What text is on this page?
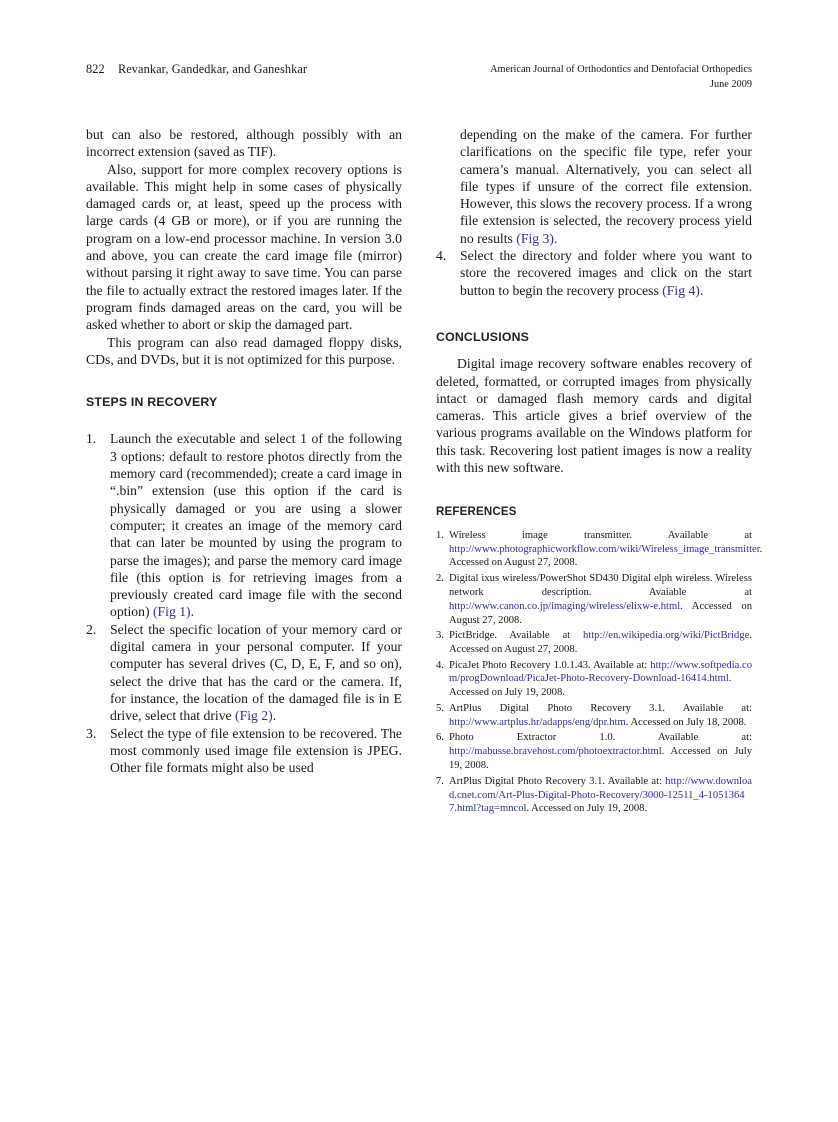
822 Revankar, Gandedkar, and Ganeshkar	American Journal of Orthodontics and Dentofacial Orthopedics
June 2009

but can also be restored, although possibly with an incorrect extension (saved as TIF).

Also, support for more complex recovery options is available. This might help in some cases of physically damaged cards or, at least, speed up the process with large cards (4 GB or more), or if you are running the program on a low-end processor machine. In version 3.0 and above, you can create the card image file (mirror) without parsing it right away to save time. You can parse the file to actually extract the restored images later. If the program finds damaged areas on the card, you will be asked whether to abort or skip the damaged part.

This program can also read damaged floppy disks, CDs, and DVDs, but it is not optimized for this purpose.

STEPS IN RECOVERY
1. Launch the executable and select 1 of the following 3 options: default to restore photos directly from the memory card (recommended); create a card image in “.bin” extension (use this option if the card is physically damaged or you are using a slower computer; it creates an image of the memory card that can later be mounted by using the program to parse the images); and parse the memory card image file (this option is for retrieving images from a previously created card image file with the second option) (Fig 1).
2. Select the specific location of your memory card or digital camera in your personal computer. If your computer has several drives (C, D, E, F, and so on), select the drive that has the card or the camera. If, for instance, the location of the damaged file is in E drive, select that drive (Fig 2).
3. Select the type of file extension to be recovered. The most commonly used image file extension is JPEG. Other file formats might also be used

depending on the make of the camera. For further clarifications on the specific file type, refer your camera’s manual. Alternatively, you can select all file types if unsure of the correct file extension. However, this slows the recovery process. If a wrong file extension is selected, the recovery process yield no results (Fig 3).

4. Select the directory and folder where you want to store the recovered images and click on the start button to begin the recovery process (Fig 4).
CONCLUSIONS

Digital image recovery software enables recovery of deleted, formatted, or corrupted images from physically intact or damaged flash memory cards and digital cameras. This article gives a brief overview of the various programs available on the Windows platform for this task. Recovering lost patient images is now a reality with this new software.

REFERENCES
1. Wireless image transmitter. Available at http://www.photographicworkflow.com/wiki/Wireless_image_transmitter. Accessed on August 27, 2008.
2. Digital ixus wireless/PowerShot SD430 Digital elph wireless. Wireless network description. Avaiable at http://www.canon.co.jp/imaging/wireless/elixw-e.html. Accessed on August 27, 2008.
3. PictBridge. Available at http://en.wikipedia.org/wiki/PictBridge. Accessed on August 27, 2008.
4. PicaJet Photo Recovery 1.0.1.43. Available at: http://www.softpedia.com/progDownload/PicaJet-Photo-Recovery-Download-16414.html. Accessed on July 19, 2008.
5. ArtPlus Digital Photo Recovery 3.1. Available at: http://www.artplus.hr/adapps/eng/dpr.htm. Accessed on July 18, 2008.
6. Photo Extractor 1.0. Available at: http://mabusse.bravehost.com/photoextractor.html. Accessed on July 19, 2008.
7. ArtPlus Digital Photo Recovery 3.1. Available at: http://www.download.cnet.com/Art-Plus-Digital-Photo-Recovery/3000-12511_4-10513647.html?tag=mncol. Accessed on July 19, 2008.
